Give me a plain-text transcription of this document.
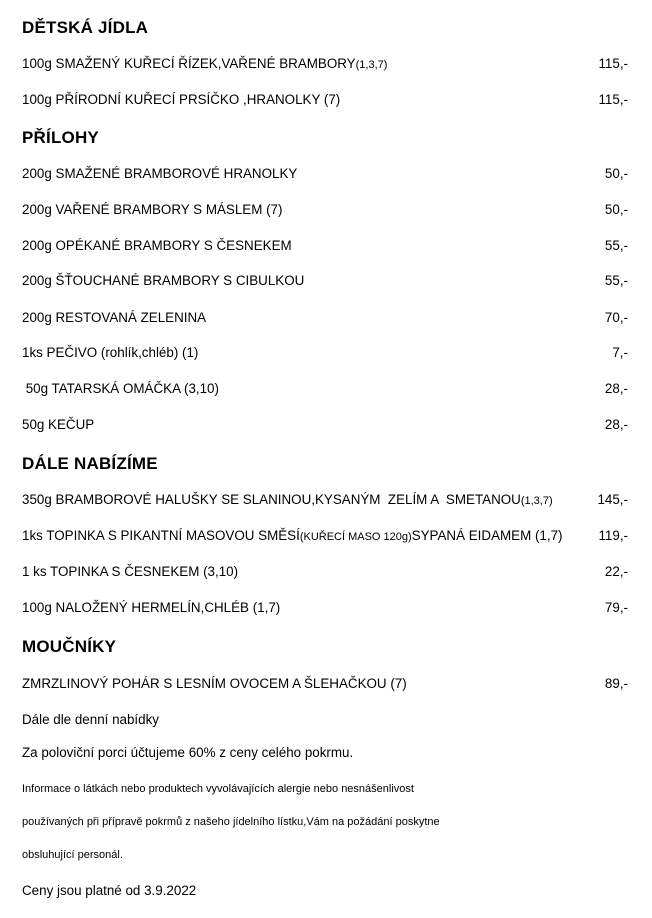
DĚTSKÁ JÍDLA
100g SMAŽENÝ KUŘECÍ ŘÍZEK,VAŘENÉ BRAMBORY(1,3,7)	115,-
100g PŘÍRODNÍ KUŘECÍ PRSÍČKO ,HRANOLKY (7)	115,-
PŘÍLOHY
200g SMAŽENÉ BRAMBOROVÉ HRANOLKY	50,-
200g VAŘENÉ BRAMBORY S MÁSLEM (7)	50,-
200g OPÉKANÉ BRAMBORY S ČESNEKEM	55,-
200g ŠŤOUCHANÉ BRAMBORY S CIBULKOU	55,-
200g RESTOVANÁ ZELENINA	70,-
1ks PEČIVO (rohlík,chléb) (1)	7,-
50g TATARSKÁ OMÁČKA (3,10)	28,-
50g KEČUP	28,-
DÁLE NABÍZÍME
350g BRAMBOROVÉ HALUŠKY SE SLANINOU,KYSANÝM  ZELÍM A  SMETANOU(1,3,7)	145,-
1ks TOPINKA S PIKANTNÍ MASOVOU SMĚSÍ(KUŘECÍ MASO 120g)SYPANÁ EIDAMEM (1,7)	119,-
1 ks TOPINKA S ČESNEKEM (3,10)	22,-
100g NALOŽENÝ HERMELÍN,CHLÉB (1,7)	79,-
MOUČNÍKY
ZMRZLINOVÝ POHÁR S LESNÍM OVOCEM A ŠLEHAČKOU (7)	89,-
Dále dle denní nabídky
Za poloviční porci účtujeme 60% z ceny celého pokrmu.
Informace o látkách nebo produktech vyvolávajících alergie nebo nesnášenlivost
používaných při přípravě pokrmů z našeho jídelního lístku,Vám na požádání poskytne
obsluhující personál.
Ceny jsou platné od 3.9.2022
